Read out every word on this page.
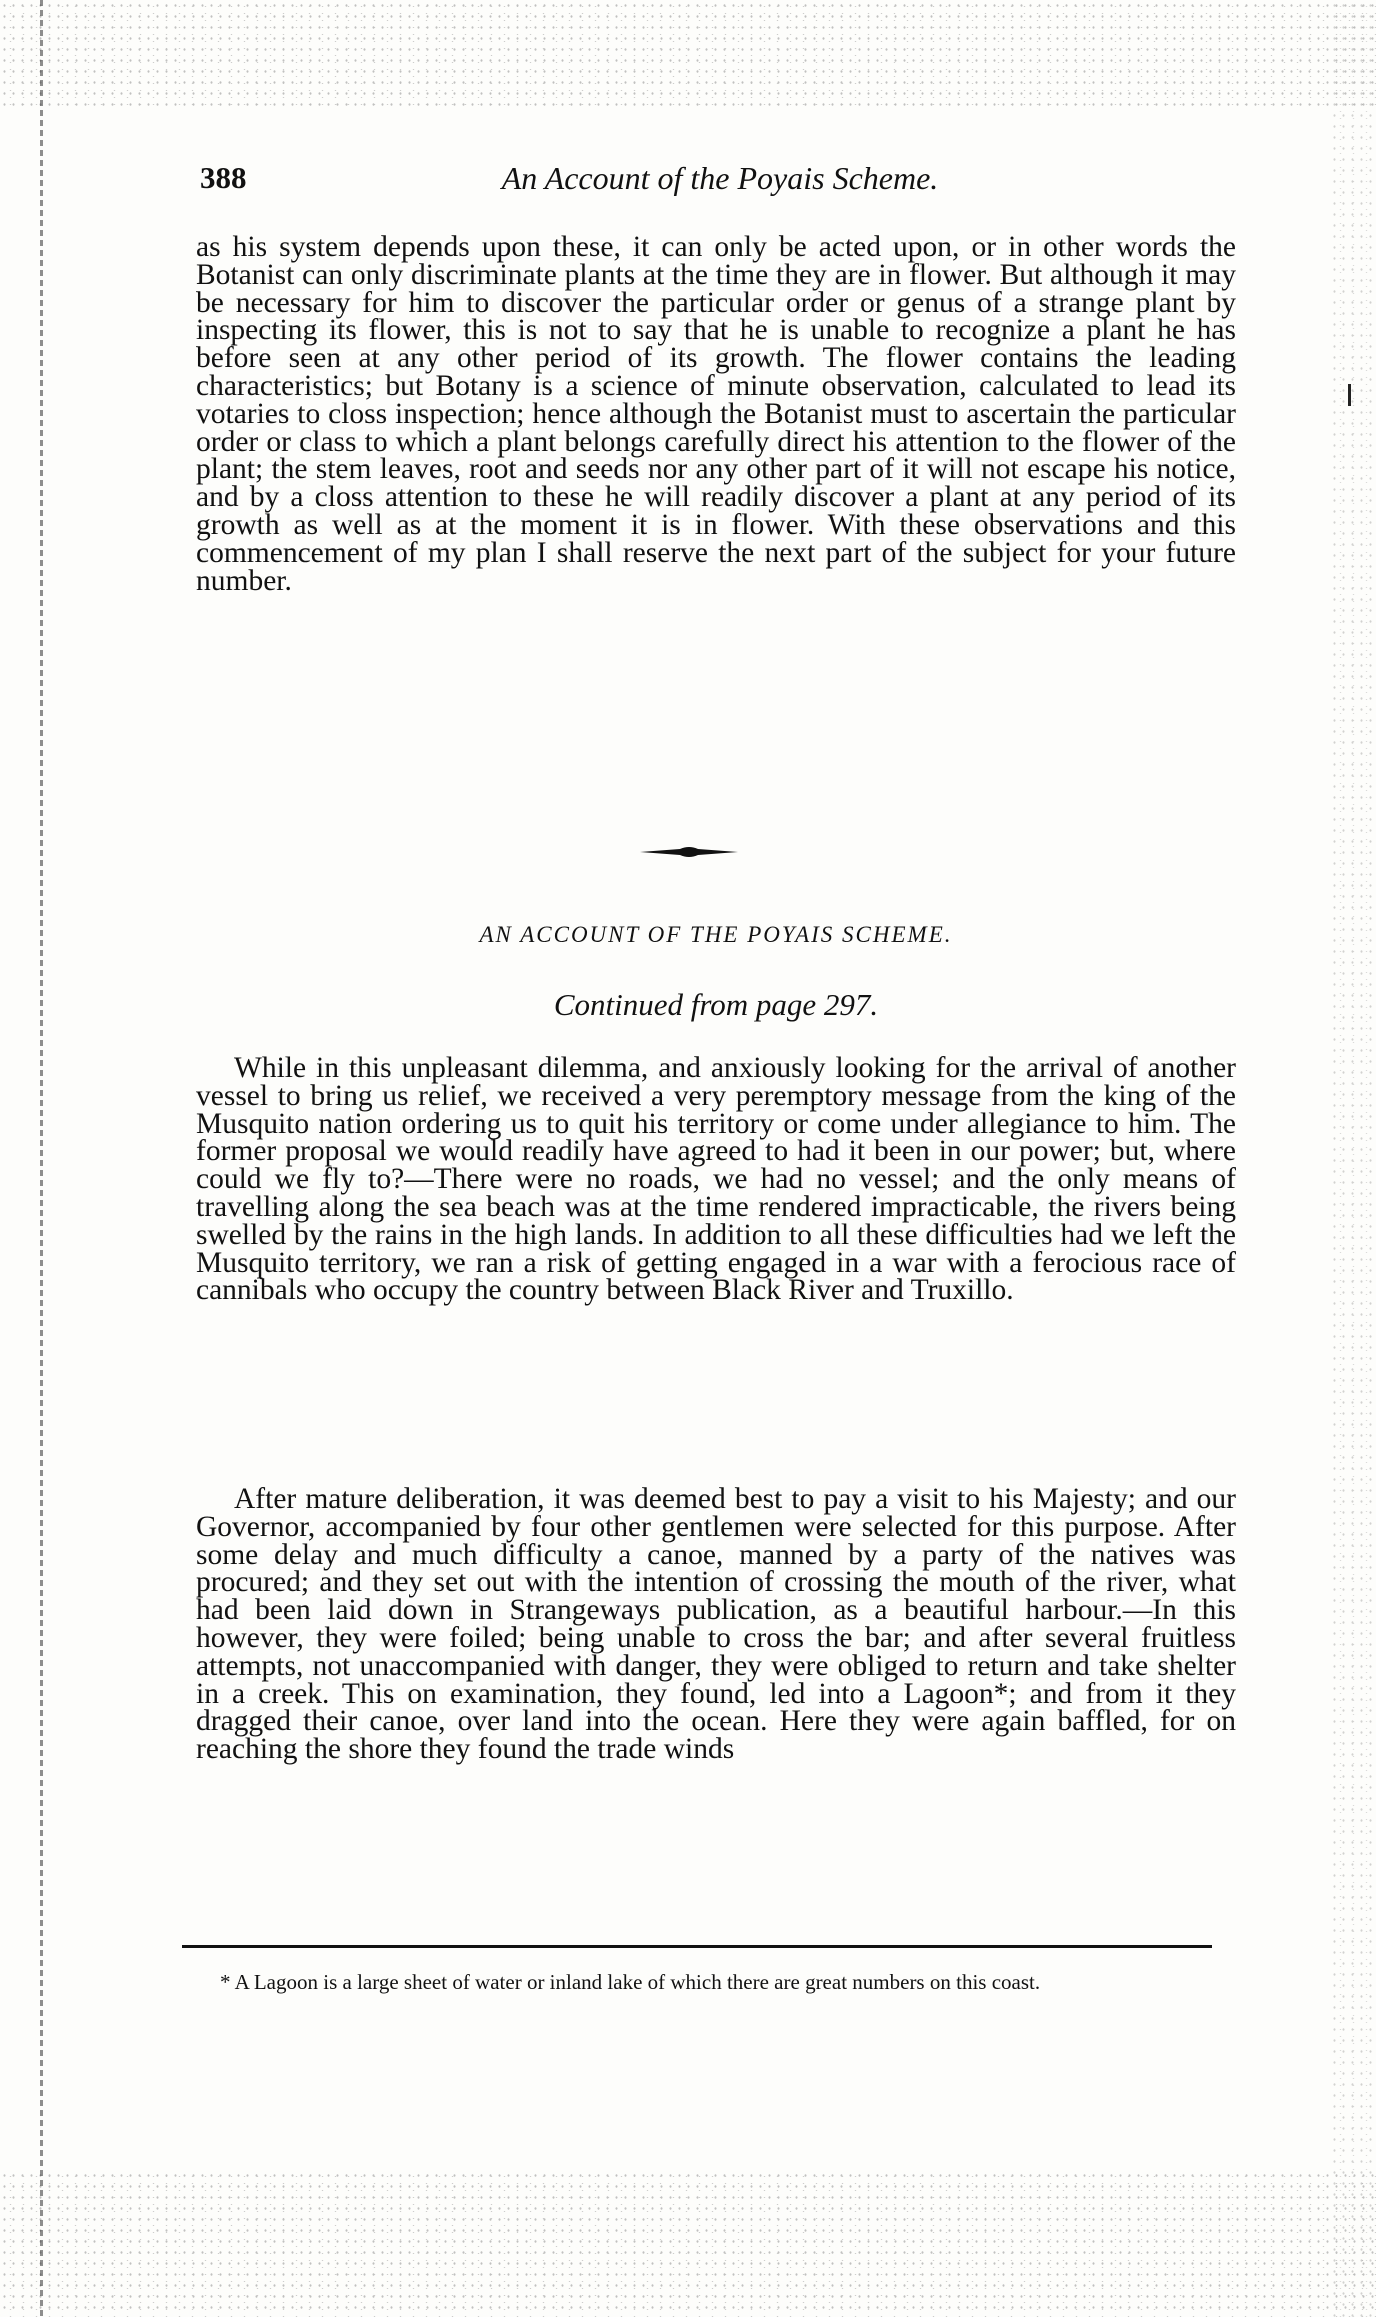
388	An Account of the Poyais Scheme.

as his system depends upon these, it can only be acted upon, or in other words the Botanist can only discriminate plants at the time they are in flower. But although it may be necessary for him to discover the particular order or genus of a strange plant by inspecting its flower, this is not to say that he is unable to recognize a plant he has before seen at any other period of its growth. The flower contains the leading characteristics; but Botany is a science of minute observation, calculated to lead its votaries to closs inspection; hence although the Botanist must to ascertain the particular order or class to which a plant belongs carefully direct his attention to the flower of the plant; the stem leaves, root and seeds nor any other part of it will not escape his notice, and by a closs attention to these he will readily discover a plant at any period of its growth as well as at the moment it is in flower. With these observations and this commencement of my plan I shall reserve the next part of the subject for your future number.

AN ACCOUNT OF THE POYAIS SCHEME.
Continued from page 297.

While in this unpleasant dilemma, and anxiously looking for the arrival of another vessel to bring us relief, we received a very peremptory message from the king of the Musquito nation ordering us to quit his territory or come under allegiance to him. The former proposal we would readily have agreed to had it been in our power; but, where could we fly to?—There were no roads, we had no vessel; and the only means of travelling along the sea beach was at the time rendered impracticable, the rivers being swelled by the rains in the high lands. In addition to all these difficulties had we left the Musquito territory, we ran a risk of getting engaged in a war with a ferocious race of cannibals who occupy the country between Black River and Truxillo.

After mature deliberation, it was deemed best to pay a visit to his Majesty; and our Governor, accompanied by four other gentlemen were selected for this purpose. After some delay and much difficulty a canoe, manned by a party of the natives was procured; and they set out with the intention of crossing the mouth of the river, what had been laid down in Strangeways publication, as a beautiful harbour.—In this however, they were foiled; being unable to cross the bar; and after several fruitless attempts, not unaccompanied with danger, they were obliged to return and take shelter in a creek. This on examination, they found, led into a Lagoon*; and from it they dragged their canoe, over land into the ocean. Here they were again baffled, for on reaching the shore they found the trade winds

* A Lagoon is a large sheet of water or inland lake of which there are great numbers on this coast.
